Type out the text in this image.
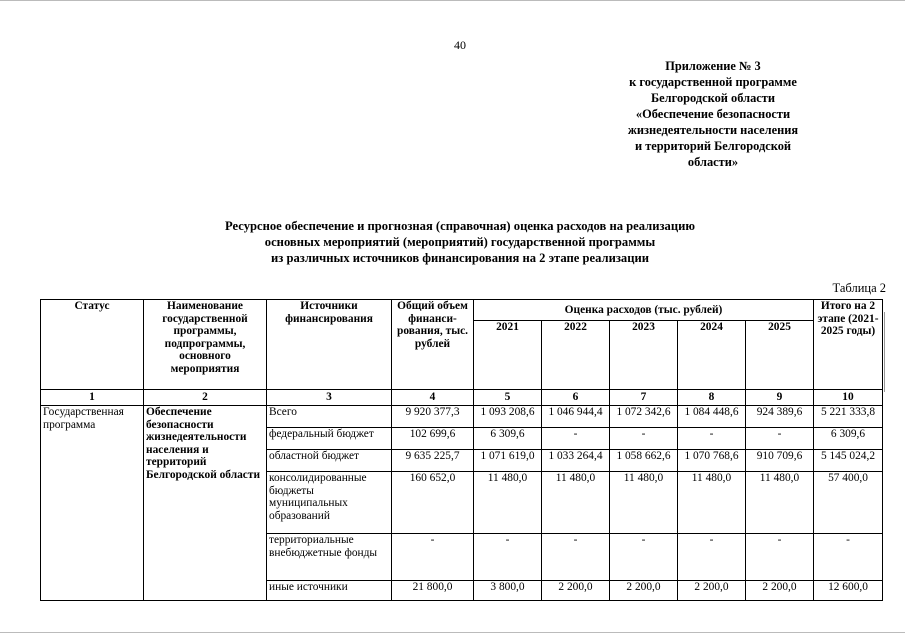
40
Приложение № 3
к государственной программе
Белгородской области
«Обеспечение безопасности
жизнедеятельности населения
и территорий Белгородской
области»
Ресурсное обеспечение и прогнозная (справочная) оценка расходов на реализацию
основных мероприятий (мероприятий) государственной программы
из различных источников финансирования на 2 этапе реализации
Таблица 2
Статус	Наименование государственной программы, подпрограммы, основного мероприятия	Источники финансирования	Общий объем финанси-рования, тыс. рублей	Оценка расходов (тыс. рублей)					Итого на 2 этапе (2021-2025 годы)
				2021	2022	2023	2024	2025	
1	2	3	4	5	6	7	8	9	10
Государственная программа	Обеспечение безопасности жизнедеятельности населения и территорий Белгородской области	Всего	9 920 377,3	1 093 208,6	1 046 944,4	1 072 342,6	1 084 448,6	924 389,6	5 221 333,8
		федеральный бюджет	102 699,6	6 309,6	-	-	-	-	6 309,6
		областной бюджет	9 635 225,7	1 071 619,0	1 033 264,4	1 058 662,6	1 070 768,6	910 709,6	5 145 024,2
		консолидированные бюджеты муниципальных образований	160 652,0	11 480,0	11 480,0	11 480,0	11 480,0	11 480,0	57 400,0
		территориальные внебюджетные фонды	-	-	-	-	-	-	-
		иные источники	21 800,0	3 800,0	2 200,0	2 200,0	2 200,0	2 200,0	12 600,0
